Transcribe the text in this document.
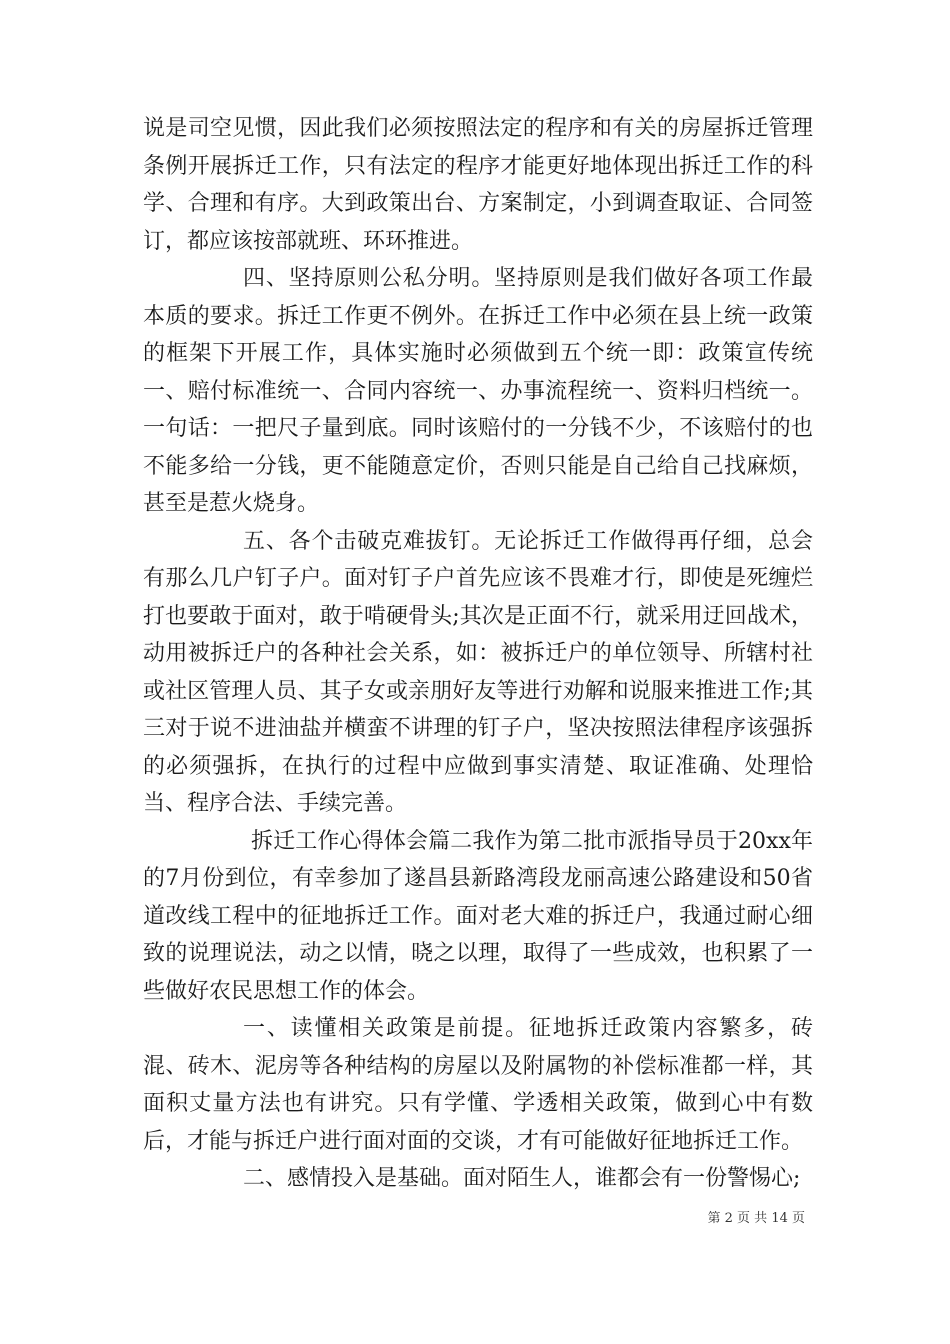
说是司空见惯，因此我们必须按照法定的程序和有关的房屋拆迁管理条例开展拆迁工作，只有法定的程序才能更好地体现出拆迁工作的科学、合理和有序。大到政策出台、方案制定，小到调查取证、合同签订，都应该按部就班、环环推进。

四、坚持原则公私分明。坚持原则是我们做好各项工作最本质的要求。拆迁工作更不例外。在拆迁工作中必须在县上统一政策的框架下开展工作，具体实施时必须做到五个统一即：政策宣传统一、赔付标准统一、合同内容统一、办事流程统一、资料归档统一。一句话：一把尺子量到底。同时该赔付的一分钱不少，不该赔付的也不能多给一分钱，更不能随意定价，否则只能是自己给自己找麻烦，甚至是惹火烧身。

五、各个击破克难拔钉。无论拆迁工作做得再仔细，总会有那么几户钉子户。面对钉子户首先应该不畏难才行，即使是死缠烂打也要敢于面对，敢于啃硬骨头;其次是正面不行，就采用迂回战术，动用被拆迁户的各种社会关系，如：被拆迁户的单位领导、所辖村社或社区管理人员、其子女或亲朋好友等进行劝解和说服来推进工作;其三对于说不进油盐并横蛮不讲理的钉子户，坚决按照法律程序该强拆的必须强拆，在执行的过程中应做到事实清楚、取证准确、处理恰当、程序合法、手续完善。

拆迁工作心得体会篇二我作为第二批市派指导员于20xx年的7月份到位，有幸参加了遂昌县新路湾段龙丽高速公路建设和50省道改线工程中的征地拆迁工作。面对老大难的拆迁户，我通过耐心细致的说理说法，动之以情，晓之以理，取得了一些成效，也积累了一些做好农民思想工作的体会。

一、读懂相关政策是前提。征地拆迁政策内容繁多，砖混、砖木、泥房等各种结构的房屋以及附属物的补偿标准都一样，其面积丈量方法也有讲究。只有学懂、学透相关政策，做到心中有数后，才能与拆迁户进行面对面的交谈，才有可能做好征地拆迁工作。

二、感情投入是基础。面对陌生人，谁都会有一份警惕心;

第 2 页 共 14 页
